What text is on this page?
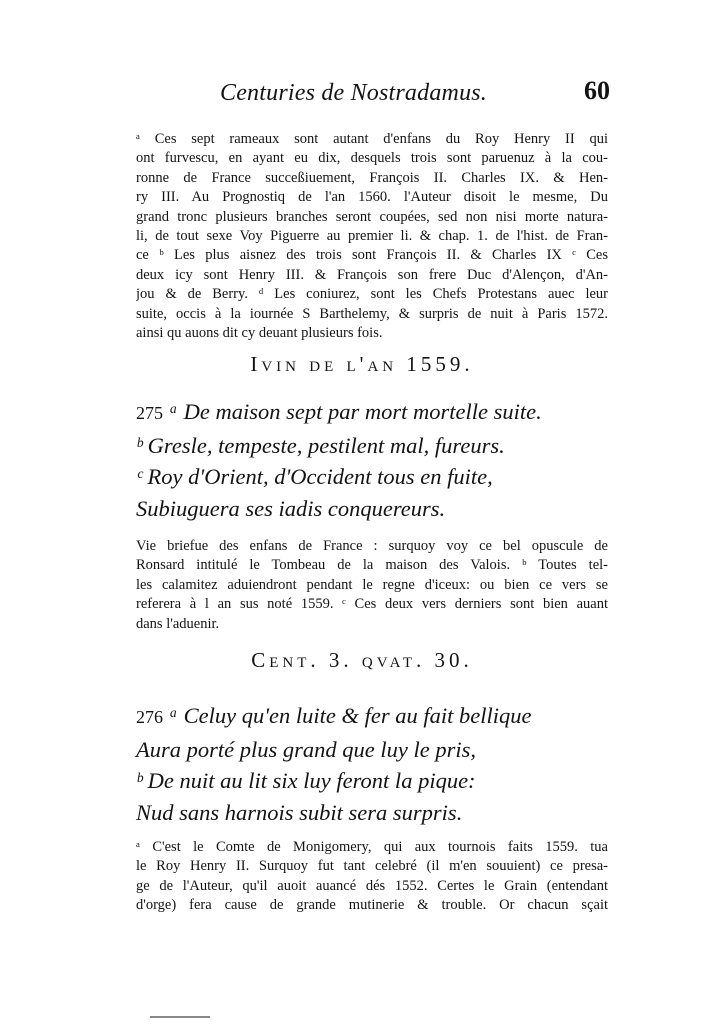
Centuries de Nostradamus.	60
ᵃ Ces sept rameaux sont autant d'enfans du Roy Henry II qui
ont furvescu, en ayant eu dix, desquels trois sont paruenuz à la cou-
ronne de France succeßiuement, François II. Charles IX. & Hen-
ry III. Au Prognostiq de l'an 1560. l'Auteur disoit le mesme, Du
grand tronc plusieurs branches seront coupées, sed non nisi morte natura-
li, de tout sexe Voy Piguerre au premier li. & chap. 1. de l'hist. de Fran-
ce ᵇ Les plus aisnez des trois sont François II. & Charles IX ᶜ Ces
deux icy sont Henry III. & François son frere Duc d'Alençon, d'An-
jou & de Berry. ᵈ Les coniurez, sont les Chefs Protestans auec leur
suite, occis à la iournée S Barthelemy, & surpris de nuit à Paris 1572.
ainsi qu auons dit cy deuant plusieurs fois.
Ivin de l'an 1559.
275 ᵃ De maison sept par mort mortelle suite.
ᵇ Gresle, tempeste, pestilent mal, fureurs.
ᶜ Roy d'Orient, d'Occident tous en fuite,
Subiuguera ses iadis conquereurs.
Vie briefue des enfans de France : surquoy voy ce bel opuscule de
Ronsard intitulé le Tombeau de la maison des Valois. ᵇ Toutes tel-
les calamitez aduiendront pendant le regne d'iceux: ou bien ce vers se
referera à l an sus noté 1559. ᶜ Ces deux vers derniers sont bien auant
dans l'aduenir.
Cent. 3. qvat. 30.
276 ᵃ Celuy qu'en luite & fer au fait bellique
Aura porté plus grand que luy le pris,
ᵇ De nuit au lit six luy feront la pique:
Nud sans harnois subit sera surpris.
ᵃ C'est le Comte de Monigomery, qui aux tournois faits 1559. tua
le Roy Henry II. Surquoy fut tant celebré (il m'en souuient) ce presa-
ge de l'Auteur, qu'il auoit auancé dés 1552. Certes le Grain (entendant
d'orge) fera cause de grande mutinerie & trouble. Or chacun sçait
